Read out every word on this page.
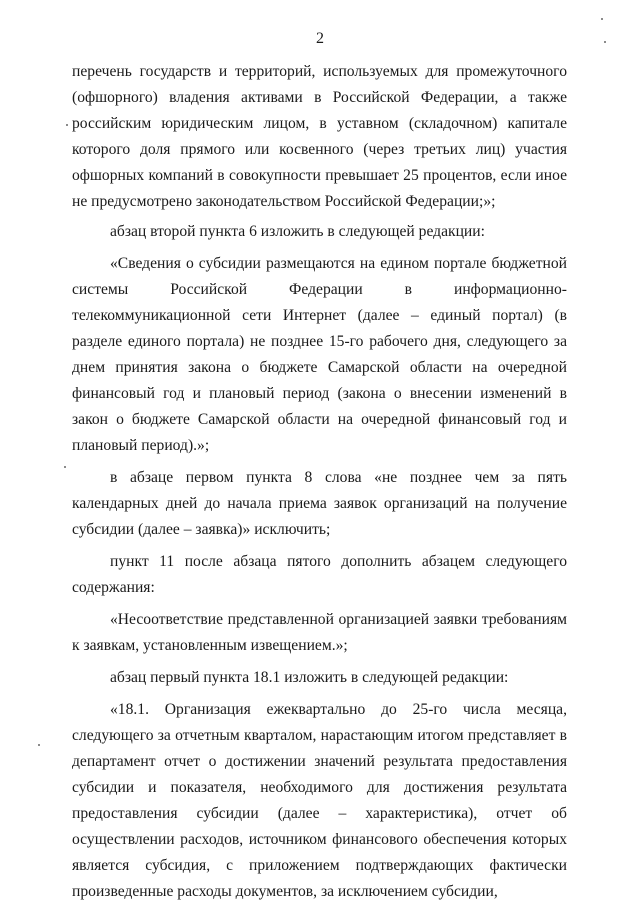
2

перечень государств и территорий, используемых для промежуточного (офшорного) владения активами в Российской Федерации, а также российским юридическим лицом, в уставном (складочном) капитале которого доля прямого или косвенного (через третьих лиц) участия офшорных компаний в совокупности превышает 25 процентов, если иное не предусмотрено законодательством Российской Федерации;»;

абзац второй пункта 6 изложить в следующей редакции:

«Сведения о субсидии размещаются на едином портале бюджетной системы Российской Федерации в информационно-телекоммуникационной сети Интернет (далее – единый портал) (в разделе единого портала) не позднее 15-го рабочего дня, следующего за днем принятия закона о бюджете Самарской области на очередной финансовый год и плановый период (закона о внесении изменений в закон о бюджете Самарской области на очередной финансовый год и плановый период).»;

в абзаце первом пункта 8 слова «не позднее чем за пять календарных дней до начала приема заявок организаций на получение субсидии (далее – заявка)» исключить;

пункт 11 после абзаца пятого дополнить абзацем следующего содержания:

«Несоответствие представленной организацией заявки требованиям к заявкам, установленным извещением.»;

абзац первый пункта 18.1 изложить в следующей редакции:

«18.1. Организация ежеквартально до 25-го числа месяца, следующего за отчетным кварталом, нарастающим итогом представляет в департамент отчет о достижении значений результата предоставления субсидии и показателя, необходимого для достижения результата предоставления субсидии (далее – характеристика), отчет об осуществлении расходов, источником финансового обеспечения которых является субсидия, с приложением подтверждающих фактически произведенные расходы документов, за исключением субсидии,
